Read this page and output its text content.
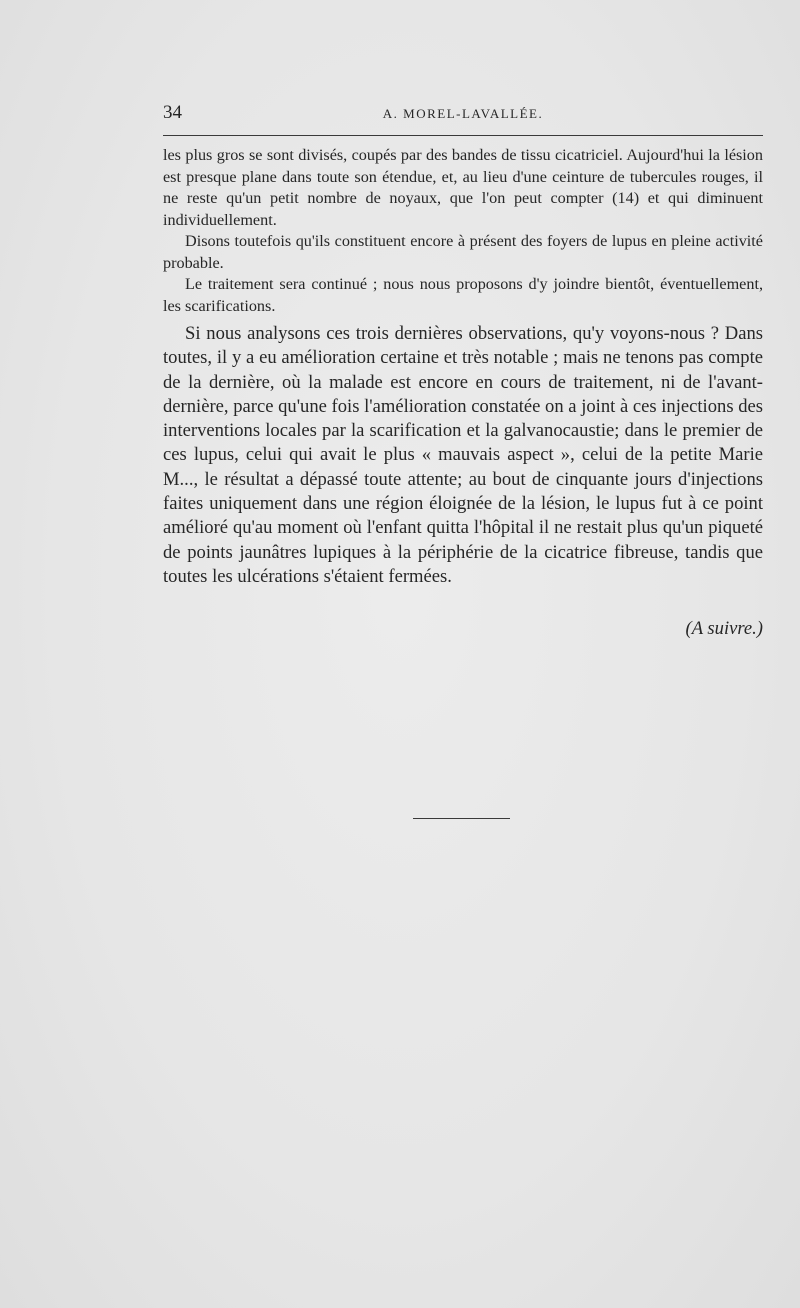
34	A. MOREL-LAVALLÉE.

les plus gros se sont divisés, coupés par des bandes de tissu cicatriciel. Aujourd'hui la lésion est presque plane dans toute son étendue, et, au lieu d'une ceinture de tubercules rouges, il ne reste qu'un petit nombre de noyaux, que l'on peut compter (14) et qui diminuent individuellement.

Disons toutefois qu'ils constituent encore à présent des foyers de lupus en pleine activité probable.

Le traitement sera continué ; nous nous proposons d'y joindre bientôt, éventuellement, les scarifications.

Si nous analysons ces trois dernières observations, qu'y voyons-nous ? Dans toutes, il y a eu amélioration certaine et très notable ; mais ne tenons pas compte de la dernière, où la malade est encore en cours de traitement, ni de l'avant-dernière, parce qu'une fois l'amélioration constatée on a joint à ces injections des interventions locales par la scarification et la galvanocaustie; dans le premier de ces lupus, celui qui avait le plus « mauvais aspect », celui de la petite Marie M..., le résultat a dépassé toute attente; au bout de cinquante jours d'injections faites uniquement dans une région éloignée de la lésion, le lupus fut à ce point amélioré qu'au moment où l'enfant quitta l'hôpital il ne restait plus qu'un piqueté de points jaunâtres lupiques à la périphérie de la cicatrice fibreuse, tandis que toutes les ulcérations s'étaient fermées.

(A suivre.)
